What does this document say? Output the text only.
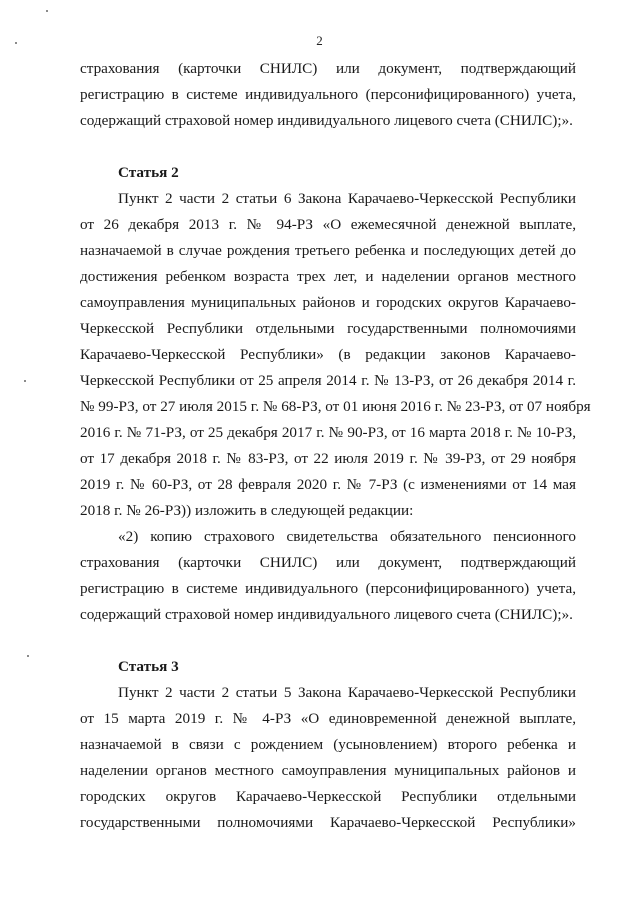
2
страхования (карточки СНИЛС) или документ, подтверждающий
регистрацию в системе индивидуального (персонифицированного) учета,
содержащий страховой номер индивидуального лицевого счета (СНИЛС);».
Статья 2
Пункт 2 части 2 статьи 6 Закона Карачаево-Черкесской Республики
от 26 декабря 2013 г. № 94-РЗ «О ежемесячной денежной выплате,
назначаемой в случае рождения третьего ребенка и последующих детей до
достижения ребенком возраста трех лет, и наделении органов местного
самоуправления муниципальных районов и городских округов Карачаево-
Черкесской Республики отдельными государственными полномочиями
Карачаево-Черкесской Республики» (в редакции законов Карачаево-
Черкесской Республики от 25 апреля 2014 г. № 13-РЗ, от 26 декабря 2014 г.
№ 99-РЗ, от 27 июля 2015 г. № 68-РЗ, от 01 июня 2016 г. № 23-РЗ, от 07 ноября
2016 г. № 71-РЗ, от 25 декабря 2017 г. № 90-РЗ, от 16 марта 2018 г. № 10-РЗ,
от 17 декабря 2018 г. № 83-РЗ, от 22 июля 2019 г. № 39-РЗ, от 29 ноября
2019 г. № 60-РЗ, от 28 февраля 2020 г. № 7-РЗ (с изменениями от 14 мая
2018 г. № 26-РЗ)) изложить в следующей редакции:
«2) копию страхового свидетельства обязательного пенсионного
страхования (карточки СНИЛС) или документ, подтверждающий
регистрацию в системе индивидуального (персонифицированного) учета,
содержащий страховой номер индивидуального лицевого счета (СНИЛС);».
Статья 3
Пункт 2 части 2 статьи 5 Закона Карачаево-Черкесской Республики
от 15 марта 2019 г. № 4-РЗ «О единовременной денежной выплате,
назначаемой в связи с рождением (усыновлением) второго ребенка и
наделении органов местного самоуправления муниципальных районов и
городских округов Карачаево-Черкесской Республики отдельными
государственными полномочиями Карачаево-Черкесской Республики»
